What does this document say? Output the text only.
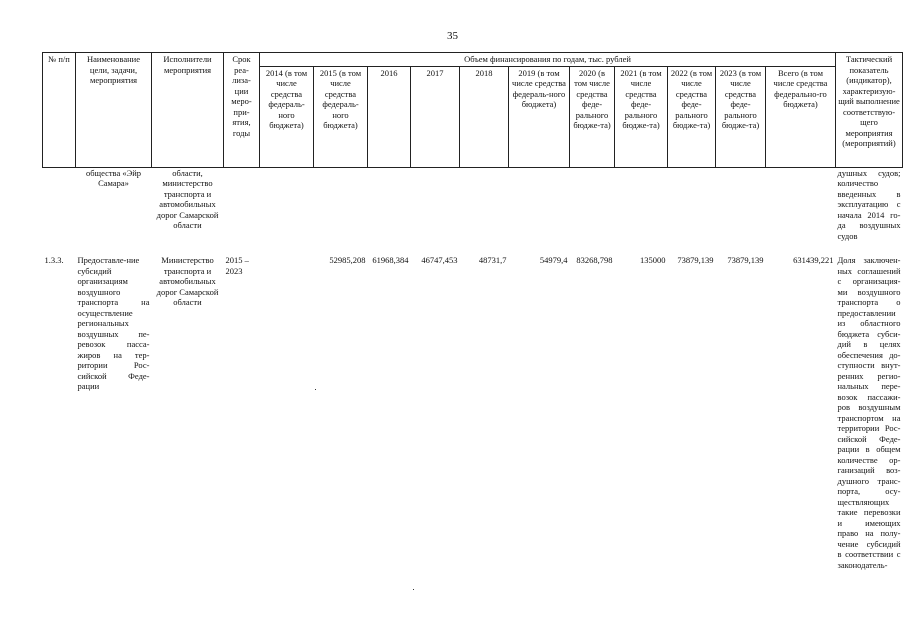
35
№ п/п	Наименование цели, задачи, мероприятия	Исполнители мероприятия	Срок реа-лиза-ции меро-при-ятия, годы	Объем финансирования по годам, тыс. рублей											Тактический показатель (индикатор), характеризую-щий выполнение соответствую-щего мероприятия (мероприятий)
				2014 (в том числе средства федераль-ного бюджета)	2015 (в том числе средства федераль-ного бюджета)	2016	2017	2018	2019 (в том числе средства федераль-ного бюджета)	2020 (в том числе средства феде-рального бюдже-та)	2021 (в том числе средства феде-рального бюдже-та)	2022 (в том числе средства феде-рального бюдже-та)	2023 (в том числе средства феде-рального бюдже-та)	Всего (в том числе средства федерально-го бюджета)	
	общества «Эйр Самара»	области, министерство транспорта и автомобильных дорог Самарской области													душных судов; количество введенных в эксплуатацию с начала 2014 го-да воздушных судов

1.3.3.	Предоставле-ние субсидий организациям воздушного транспорта на осуществление региональных воздушных пе-ревозок пасса-жиров на тер-ритории Рос-сийской Феде-рации	Министерство транспорта и автомобильных дорог Самарской области	2015 – 2023		52985,208	61968,384	46747,453	48731,7	54979,4	83268,798	135000	73879,139	73879,139	631439,221	Доля заключен-ных соглашений с организация-ми воздушного транспорта о предоставлении из областного бюджета субси-дий в целях обеспечения до-ступности внут-ренних регио-нальных пере-возок пассажи-ров воздушным транспортом на территории Рос-сийской Феде-рации в общем количестве ор-ганизаций воз-душного транс-порта, осу-ществляющих такие перевозки и имеющих право на полу-чение субсидий в соответствии с законодатель-
